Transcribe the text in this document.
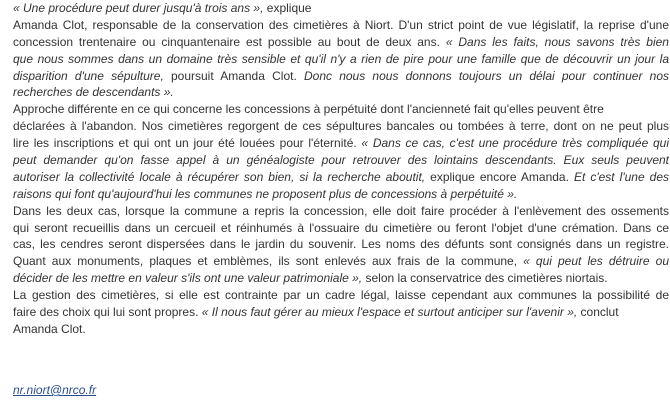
« Une procédure peut durer jusqu'à trois ans », explique
Amanda Clot, responsable de la conservation des cimetières à Niort. D'un strict point de vue législatif, la reprise d'une
concession trentenaire ou cinquantenaire est possible au bout de deux ans. « Dans les faits, nous savons très bien
que nous sommes dans un domaine très sensible et qu'il n'y a rien de pire pour une famille que de découvrir un jour la
disparition d'une sépulture, poursuit Amanda Clot. Donc nous nous donnons toujours un délai pour continuer nos
recherches de descendants ».
Approche différente en ce qui concerne les concessions à perpétuité dont l'ancienneté fait qu'elles peuvent être
déclarées à l'abandon. Nos cimetières regorgent de ces sépultures bancales ou tombées à terre, dont on ne peut plus
lire les inscriptions et qui ont un jour été louées pour l'éternité. « Dans ce cas, c'est une procédure très compliquée qui
peut demander qu'on fasse appel à un généalogiste pour retrouver des lointains descendants. Eux seuls peuvent
autoriser la collectivité locale à récupérer son bien, si la recherche aboutit, explique encore Amanda. Et c'est l'une des
raisons qui font qu'aujourd'hui les communes ne proposent plus de concessions à perpétuité ».
Dans les deux cas, lorsque la commune a repris la concession, elle doit faire procéder à l'enlèvement des ossements
qui seront recueillis dans un cercueil et réinhumés à l'ossuaire du cimetière ou feront l'objet d'une crémation. Dans ce
cas, les cendres seront dispersées dans le jardin du souvenir. Les noms des défunts sont consignés dans un registre.
Quant aux monuments, plaques et emblèmes, ils sont enlevés aux frais de la commune, « qui peut les détruire ou
décider de les mettre en valeur s'ils ont une valeur patrimoniale », selon la conservatrice des cimetières niortais.
La gestion des cimetières, si elle est contrainte par un cadre légal, laisse cependant aux communes la possibilité de
faire des choix qui lui sont propres. « Il nous faut gérer au mieux l'espace et surtout anticiper sur l'avenir », conclut
Amanda Clot.
nr.niort@nrco.fr
